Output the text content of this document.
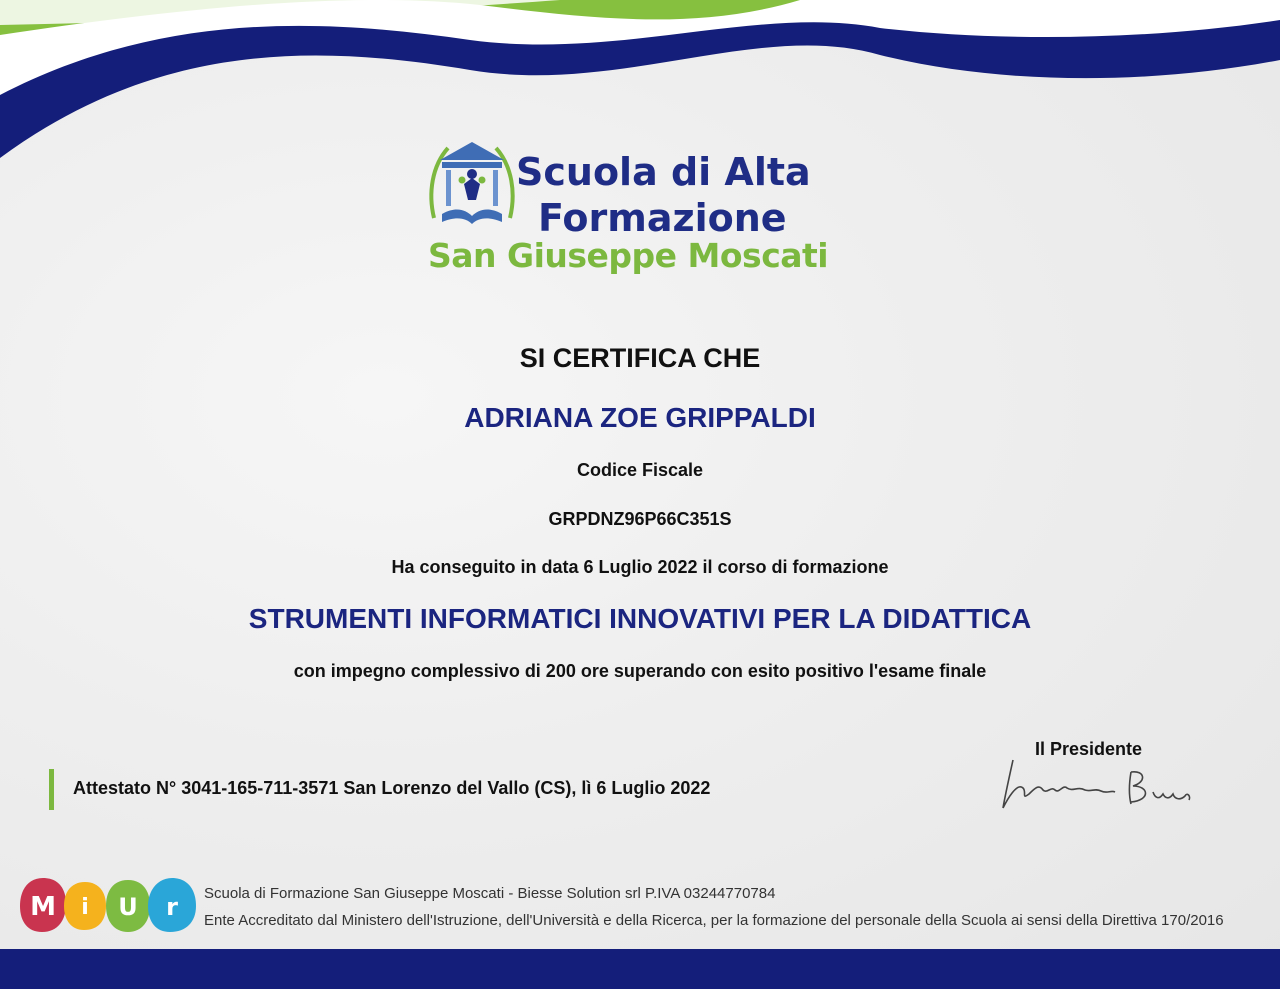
Scuola di Alta
Formazione
San Giuseppe Moscati
SI CERTIFICA CHE
ADRIANA ZOE GRIPPALDI
Codice Fiscale
GRPDNZ96P66C351S
Ha conseguito in data 6 Luglio 2022 il corso di formazione
STRUMENTI INFORMATICI INNOVATIVI PER LA DIDATTICA
con impegno complessivo di 200 ore superando con esito positivo l'esame finale
Attestato N° 3041-165-711-3571 San Lorenzo del Vallo (CS), lì 6 Luglio 2022
Il Presidente
M i U r Scuola di Formazione San Giuseppe Moscati - Biesse Solution srl P.IVA 03244770784
Ente Accreditato dal Ministero dell'Istruzione, dell'Università e della Ricerca, per la formazione del personale della Scuola ai sensi della Direttiva 170/2016
